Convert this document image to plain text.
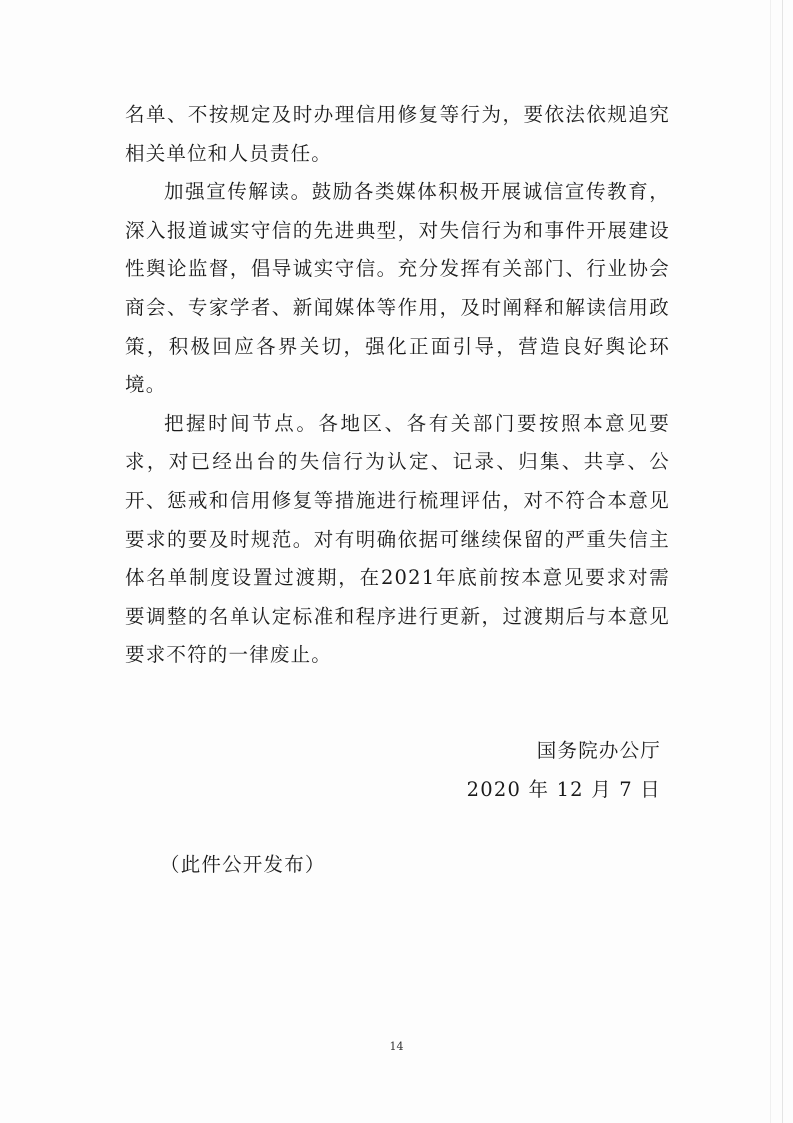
名单、不按规定及时办理信用修复等行为，要依法依规追究相关单位和人员责任。

加强宣传解读。鼓励各类媒体积极开展诚信宣传教育，深入报道诚实守信的先进典型，对失信行为和事件开展建设性舆论监督，倡导诚实守信。充分发挥有关部门、行业协会商会、专家学者、新闻媒体等作用，及时阐释和解读信用政策，积极回应各界关切，强化正面引导，营造良好舆论环境。

把握时间节点。各地区、各有关部门要按照本意见要求，对已经出台的失信行为认定、记录、归集、共享、公开、惩戒和信用修复等措施进行梳理评估，对不符合本意见要求的要及时规范。对有明确依据可继续保留的严重失信主体名单制度设置过渡期，在2021年底前按本意见要求对需要调整的名单认定标准和程序进行更新，过渡期后与本意见要求不符的一律废止。

国务院办公厅
2020 年 12 月 7 日
（此件公开发布）
14
